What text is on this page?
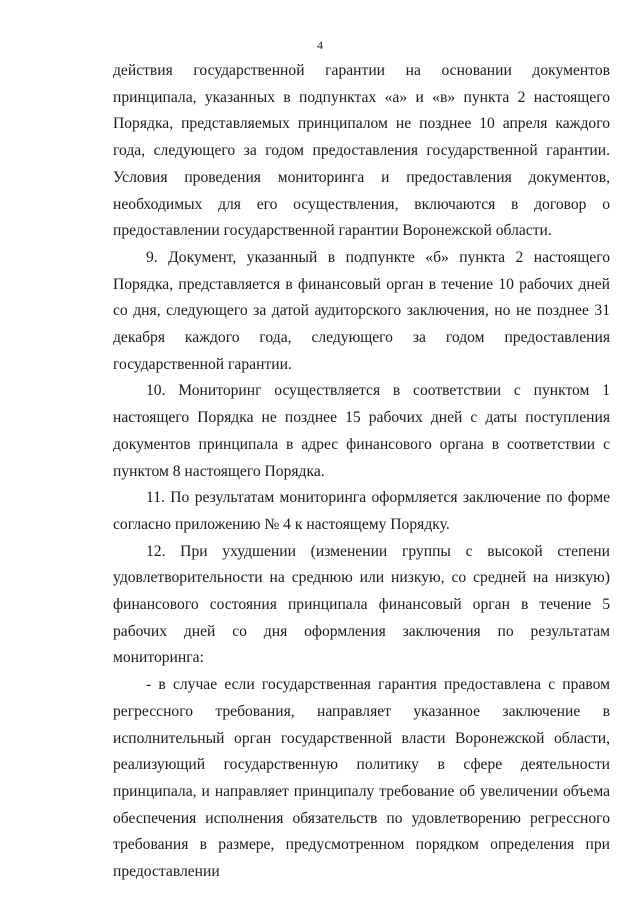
4

действия государственной гарантии на основании документов принципала, указанных в подпунктах «а» и «в» пункта 2 настоящего Порядка, представляемых принципалом не позднее 10 апреля каждого года, следующего за годом предоставления государственной гарантии. Условия проведения мониторинга и предоставления документов, необходимых для его осуществления, включаются в договор о предоставлении государственной гарантии Воронежской области.

9. Документ, указанный в подпункте «б» пункта 2 настоящего Порядка, представляется в финансовый орган в течение 10 рабочих дней со дня, следующего за датой аудиторского заключения, но не позднее 31 декабря каждого года, следующего за годом предоставления государственной гарантии.

10. Мониторинг осуществляется в соответствии с пунктом 1 настоящего Порядка не позднее 15 рабочих дней с даты поступления документов принципала в адрес финансового органа в соответствии с пунктом 8 настоящего Порядка.

11. По результатам мониторинга оформляется заключение по форме согласно приложению № 4 к настоящему Порядку.

12. При ухудшении (изменении группы с высокой степени удовлетворительности на среднюю или низкую, со средней на низкую) финансового состояния принципала финансовый орган в течение 5 рабочих дней со дня оформления заключения по результатам мониторинга:

- в случае если государственная гарантия предоставлена с правом регрессного требования, направляет указанное заключение в исполнительный орган государственной власти Воронежской области, реализующий государственную политику в сфере деятельности принципала, и направляет принципалу требование об увеличении объема обеспечения исполнения обязательств по удовлетворению регрессного требования в размере, предусмотренном порядком определения при предоставлении
